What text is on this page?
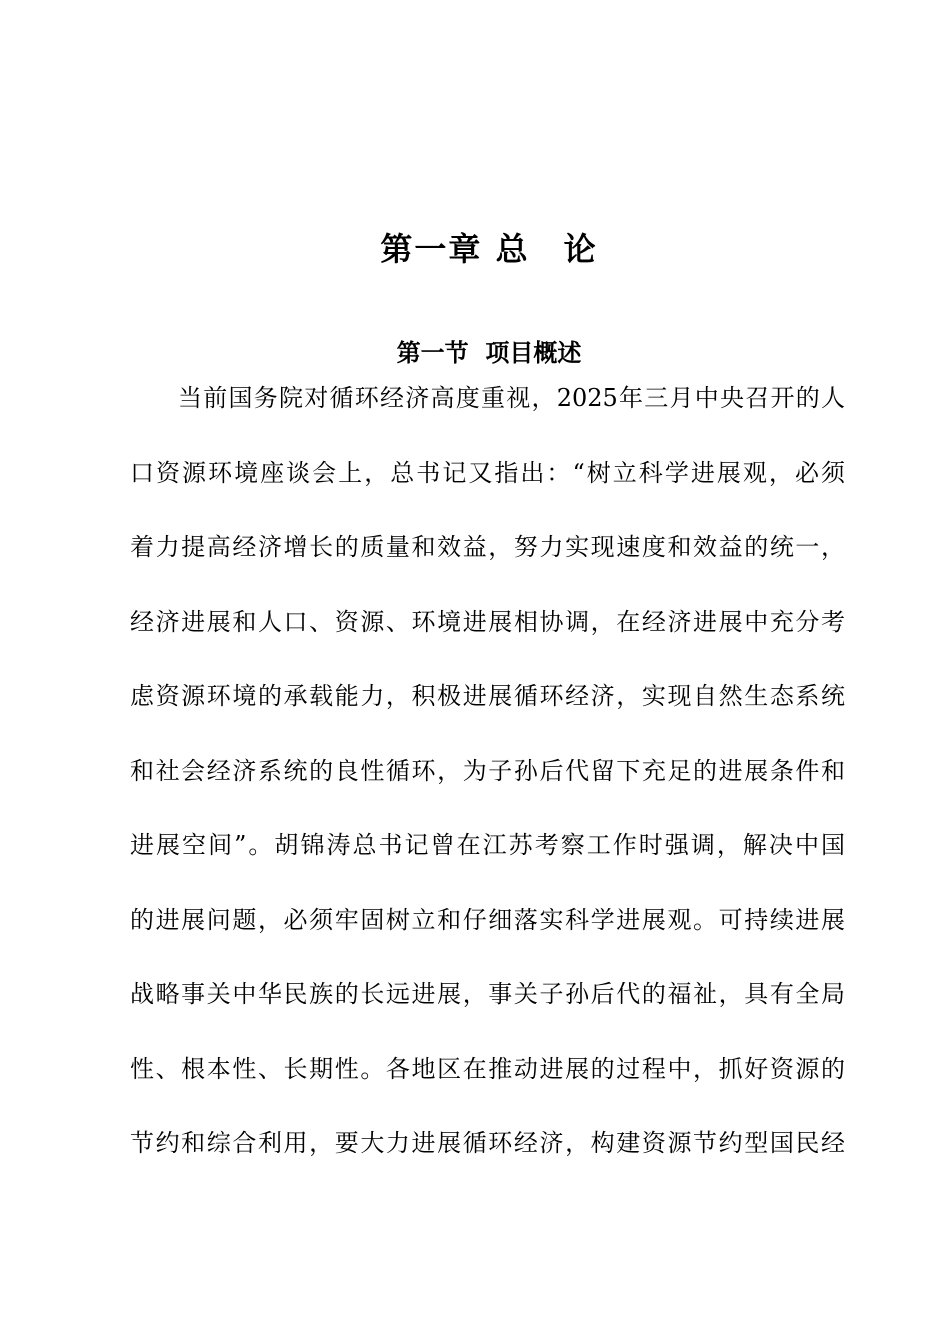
第一章 总　论
第一节  项目概述
当前国务院对循环经济高度重视，2025年三月中央召开的人
口资源环境座谈会上，总书记又指出：“树立科学进展观，必须
着力提高经济增长的质量和效益，努力实现速度和效益的统一，
经济进展和人口、资源、环境进展相协调，在经济进展中充分考
虑资源环境的承载能力，积极进展循环经济，实现自然生态系统
和社会经济系统的良性循环，为子孙后代留下充足的进展条件和
进展空间”。胡锦涛总书记曾在江苏考察工作时强调，解决中国
的进展问题，必须牢固树立和仔细落实科学进展观。可持续进展
战略事关中华民族的长远进展，事关子孙后代的福祉，具有全局
性、根本性、长期性。各地区在推动进展的过程中，抓好资源的
节约和综合利用，要大力进展循环经济，构建资源节约型国民经
